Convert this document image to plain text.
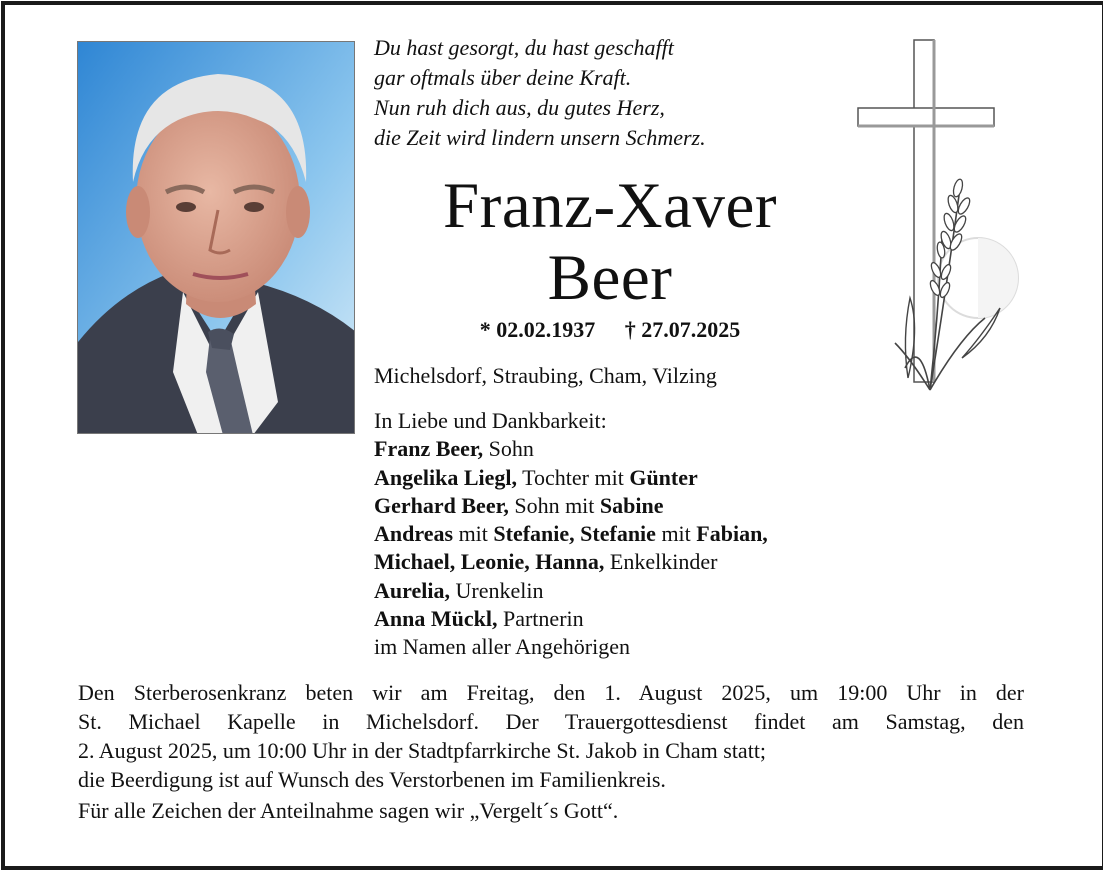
Du hast gesorgt, du hast geschafft
gar oftmals über deine Kraft.
Nun ruh dich aus, du gutes Herz,
die Zeit wird lindern unsern Schmerz.
Franz-Xaver
Beer
* 02.02.1937 † 27.07.2025
Michelsdorf, Straubing, Cham, Vilzing
In Liebe und Dankbarkeit:
Franz Beer, Sohn
Angelika Liegl, Tochter mit Günter
Gerhard Beer, Sohn mit Sabine
Andreas mit Stefanie, Stefanie mit Fabian,
Michael, Leonie, Hanna, Enkelkinder
Aurelia, Urenkelin
Anna Mückl, Partnerin
im Namen aller Angehörigen
Den Sterberosenkranz beten wir am Freitag, den 1. August 2025, um 19:00 Uhr in der
St. Michael Kapelle in Michelsdorf. Der Trauergottesdienst findet am Samstag, den
2. August 2025, um 10:00 Uhr in der Stadtpfarrkirche St. Jakob in Cham statt;
die Beerdigung ist auf Wunsch des Verstorbenen im Familienkreis.
Für alle Zeichen der Anteilnahme sagen wir „Vergelt´s Gott“.
